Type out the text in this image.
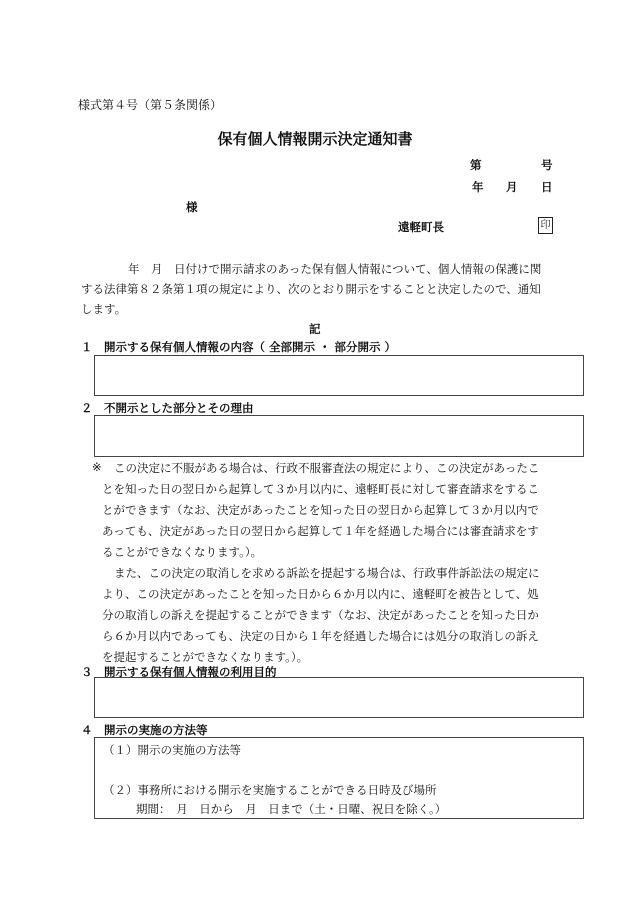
様式第４号（第５条関係）
保有個人情報開示決定通知書
第	号
年 月 日
様
遠軽町長	印
年　月　日付けで開示請求のあった保有個人情報について、個人情報の保護に関
する法律第８２条第１項の規定により、次のとおり開示をすることと決定したので、通知
します。
記
１　開示する保有個人情報の内容（ 全部開示 ・ 部分開示 ）
２　不開示とした部分とその理由
※ この決定に不服がある場合は、行政不服審査法の規定により、この決定があったこ
とを知った日の翌日から起算して３か月以内に、遠軽町長に対して審査請求をするこ
とができます（なお、決定があったことを知った日の翌日から起算して３か月以内で
あっても、決定があった日の翌日から起算して１年を経過した場合には審査請求をす
ることができなくなります。）。
また、この決定の取消しを求める訴訟を提起する場合は、行政事件訴訟法の規定に
より、この決定があったことを知った日から６か月以内に、遠軽町を被告として、処
分の取消しの訴えを提起することができます（なお、決定があったことを知った日か
ら６か月以内であっても、決定の日から１年を経過した場合には処分の取消しの訴え
を提起することができなくなります。）。
３　開示する保有個人情報の利用目的
４　開示の実施の方法等
（１）開示の実施の方法等
（２）事務所における開示を実施することができる日時及び場所
期間：　月　日から　月　日まで（土・日曜、祝日を除く。）
